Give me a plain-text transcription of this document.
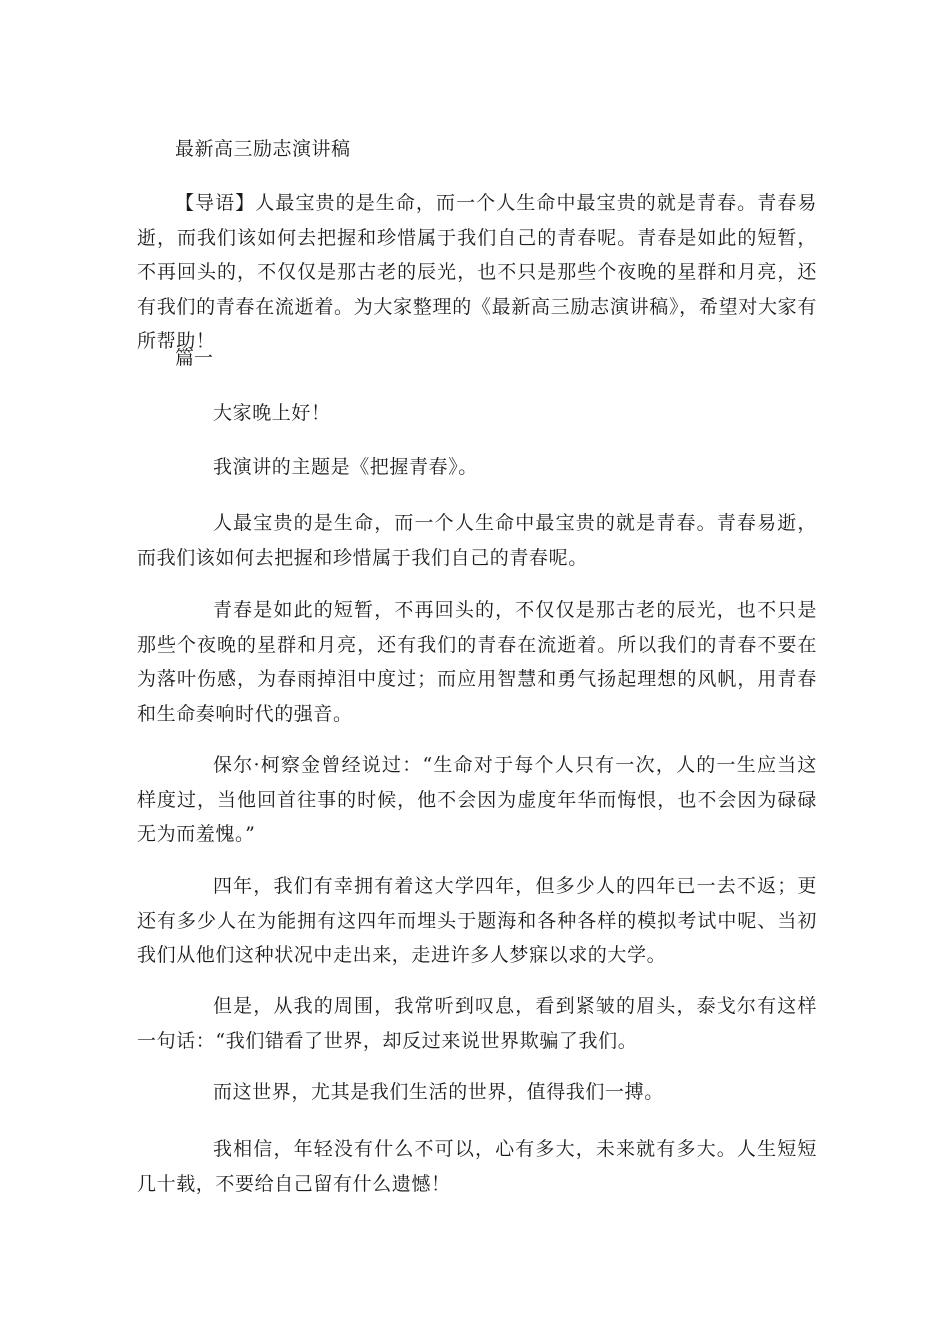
最新高三励志演讲稿

【导语】人最宝贵的是生命，而一个人生命中最宝贵的就是青春。青春易逝，而我们该如何去把握和珍惜属于我们自己的青春呢。青春是如此的短暂，不再回头的，不仅仅是那古老的辰光，也不只是那些个夜晚的星群和月亮，还有我们的青春在流逝着。为大家整理的《最新高三励志演讲稿》，希望对大家有所帮助！

篇一

大家晚上好！

我演讲的主题是《把握青春》。

人最宝贵的是生命，而一个人生命中最宝贵的就是青春。青春易逝，而我们该如何去把握和珍惜属于我们自己的青春呢。

青春是如此的短暂，不再回头的，不仅仅是那古老的辰光，也不只是那些个夜晚的星群和月亮，还有我们的青春在流逝着。所以我们的青春不要在为落叶伤感，为春雨掉泪中度过；而应用智慧和勇气扬起理想的风帆，用青春和生命奏响时代的强音。

保尔·柯察金曾经说过：“生命对于每个人只有一次，人的一生应当这样度过，当他回首往事的时候，他不会因为虚度年华而悔恨，也不会因为碌碌无为而羞愧。”

四年，我们有幸拥有着这大学四年，但多少人的四年已一去不返；更还有多少人在为能拥有这四年而埋头于题海和各种各样的模拟考试中呢、当初我们从他们这种状况中走出来，走进许多人梦寐以求的大学。

但是，从我的周围，我常听到叹息，看到紧皱的眉头，泰戈尔有这样一句话：“我们错看了世界，却反过来说世界欺骗了我们。

而这世界，尤其是我们生活的世界，值得我们一搏。

我相信，年轻没有什么不可以，心有多大，未来就有多大。人生短短几十载，不要给自己留有什么遗憾！
